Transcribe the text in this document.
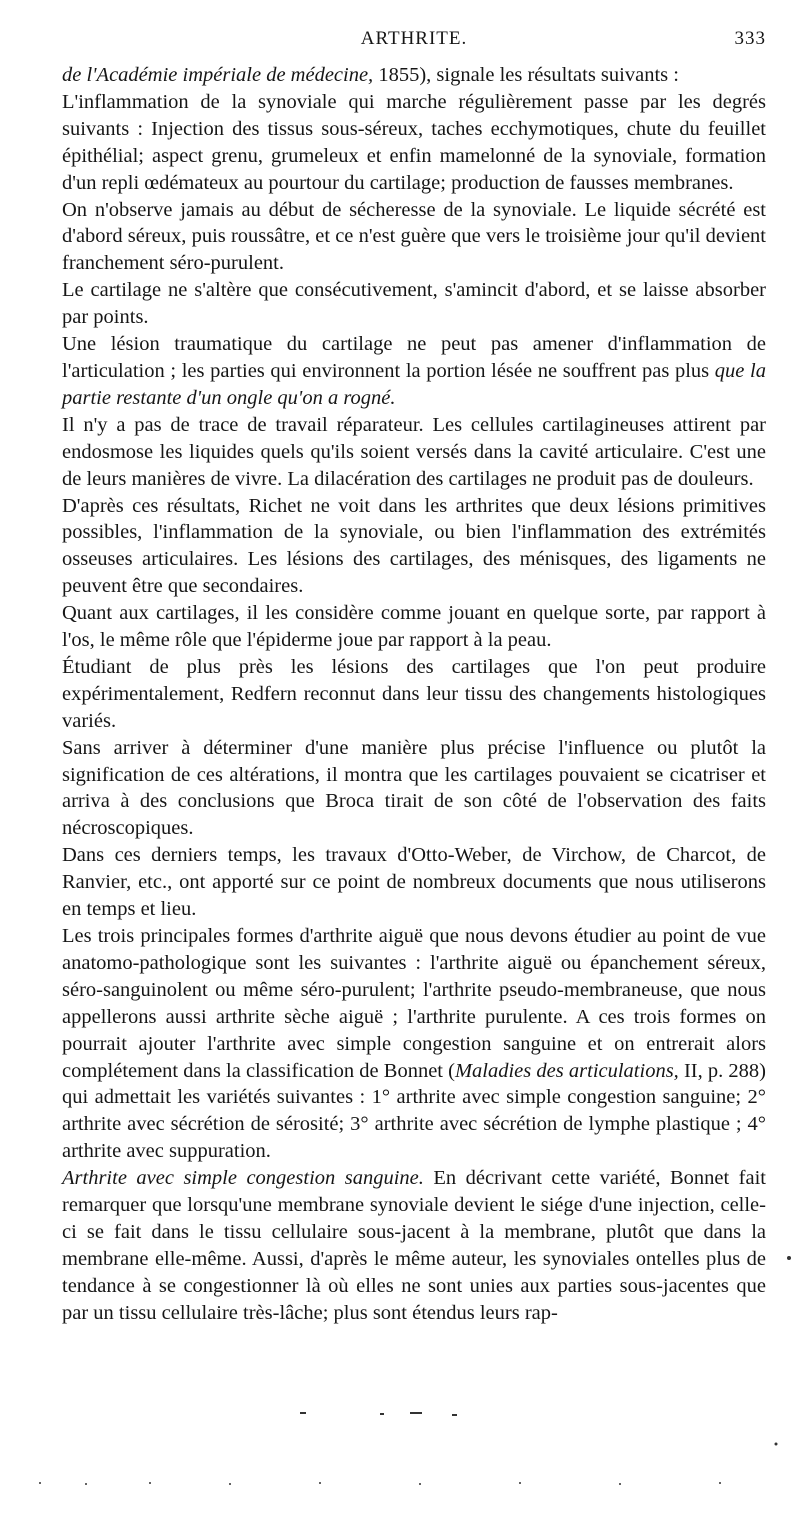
ARTHRITE.	333

de l'Académie impériale de médecine, 1855), signale les résultats suivants :

L'inflammation de la synoviale qui marche régulièrement passe par les degrés suivants : Injection des tissus sous-séreux, taches ecchymotiques, chute du feuillet épithélial; aspect grenu, grumeleux et enfin mamelonné de la synoviale, formation d'un repli œdémateux au pourtour du cartilage; production de fausses membranes.

On n'observe jamais au début de sécheresse de la synoviale. Le liquide sécrété est d'abord séreux, puis roussâtre, et ce n'est guère que vers le troisième jour qu'il devient franchement séro-purulent.

Le cartilage ne s'altère que consécutivement, s'amincit d'abord, et se laisse absorber par points.

Une lésion traumatique du cartilage ne peut pas amener d'inflammation de l'articulation ; les parties qui environnent la portion lésée ne souffrent pas plus que la partie restante d'un ongle qu'on a rogné.

Il n'y a pas de trace de travail réparateur. Les cellules cartilagineuses attirent par endosmose les liquides quels qu'ils soient versés dans la cavité articulaire. C'est une de leurs manières de vivre. La dilacération des cartilages ne produit pas de douleurs.

D'après ces résultats, Richet ne voit dans les arthrites que deux lésions primitives possibles, l'inflammation de la synoviale, ou bien l'inflammation des extrémités osseuses articulaires. Les lésions des cartilages, des ménisques, des ligaments ne peuvent être que secondaires.

Quant aux cartilages, il les considère comme jouant en quelque sorte, par rapport à l'os, le même rôle que l'épiderme joue par rapport à la peau.

Étudiant de plus près les lésions des cartilages que l'on peut produire expérimentalement, Redfern reconnut dans leur tissu des changements histologiques variés.

Sans arriver à déterminer d'une manière plus précise l'influence ou plutôt la signification de ces altérations, il montra que les cartilages pouvaient se cicatriser et arriva à des conclusions que Broca tirait de son côté de l'observation des faits nécroscopiques.

Dans ces derniers temps, les travaux d'Otto-Weber, de Virchow, de Charcot, de Ranvier, etc., ont apporté sur ce point de nombreux documents que nous utiliserons en temps et lieu.

Les trois principales formes d'arthrite aiguë que nous devons étudier au point de vue anatomo-pathologique sont les suivantes : l'arthrite aiguë ou épanchement séreux, séro-sanguinolent ou même séro-purulent; l'arthrite pseudo-membraneuse, que nous appellerons aussi arthrite sèche aiguë ; l'arthrite purulente. A ces trois formes on pourrait ajouter l'arthrite avec simple congestion sanguine et on entrerait alors complétement dans la classification de Bonnet (Maladies des articulations, II, p. 288) qui admettait les variétés suivantes : 1° arthrite avec simple congestion sanguine; 2° arthrite avec sécrétion de sérosité; 3° arthrite avec sécrétion de lymphe plastique ; 4° arthrite avec suppuration.

Arthrite avec simple congestion sanguine. En décrivant cette variété, Bonnet fait remarquer que lorsqu'une membrane synoviale devient le siége d'une injection, celle-ci se fait dans le tissu cellulaire sous-jacent à la membrane, plutôt que dans la membrane elle-même. Aussi, d'après le même auteur, les synoviales ontelles plus de tendance à se congestionner là où elles ne sont unies aux parties sous-jacentes que par un tissu cellulaire très-lâche; plus sont étendus leurs rap-
